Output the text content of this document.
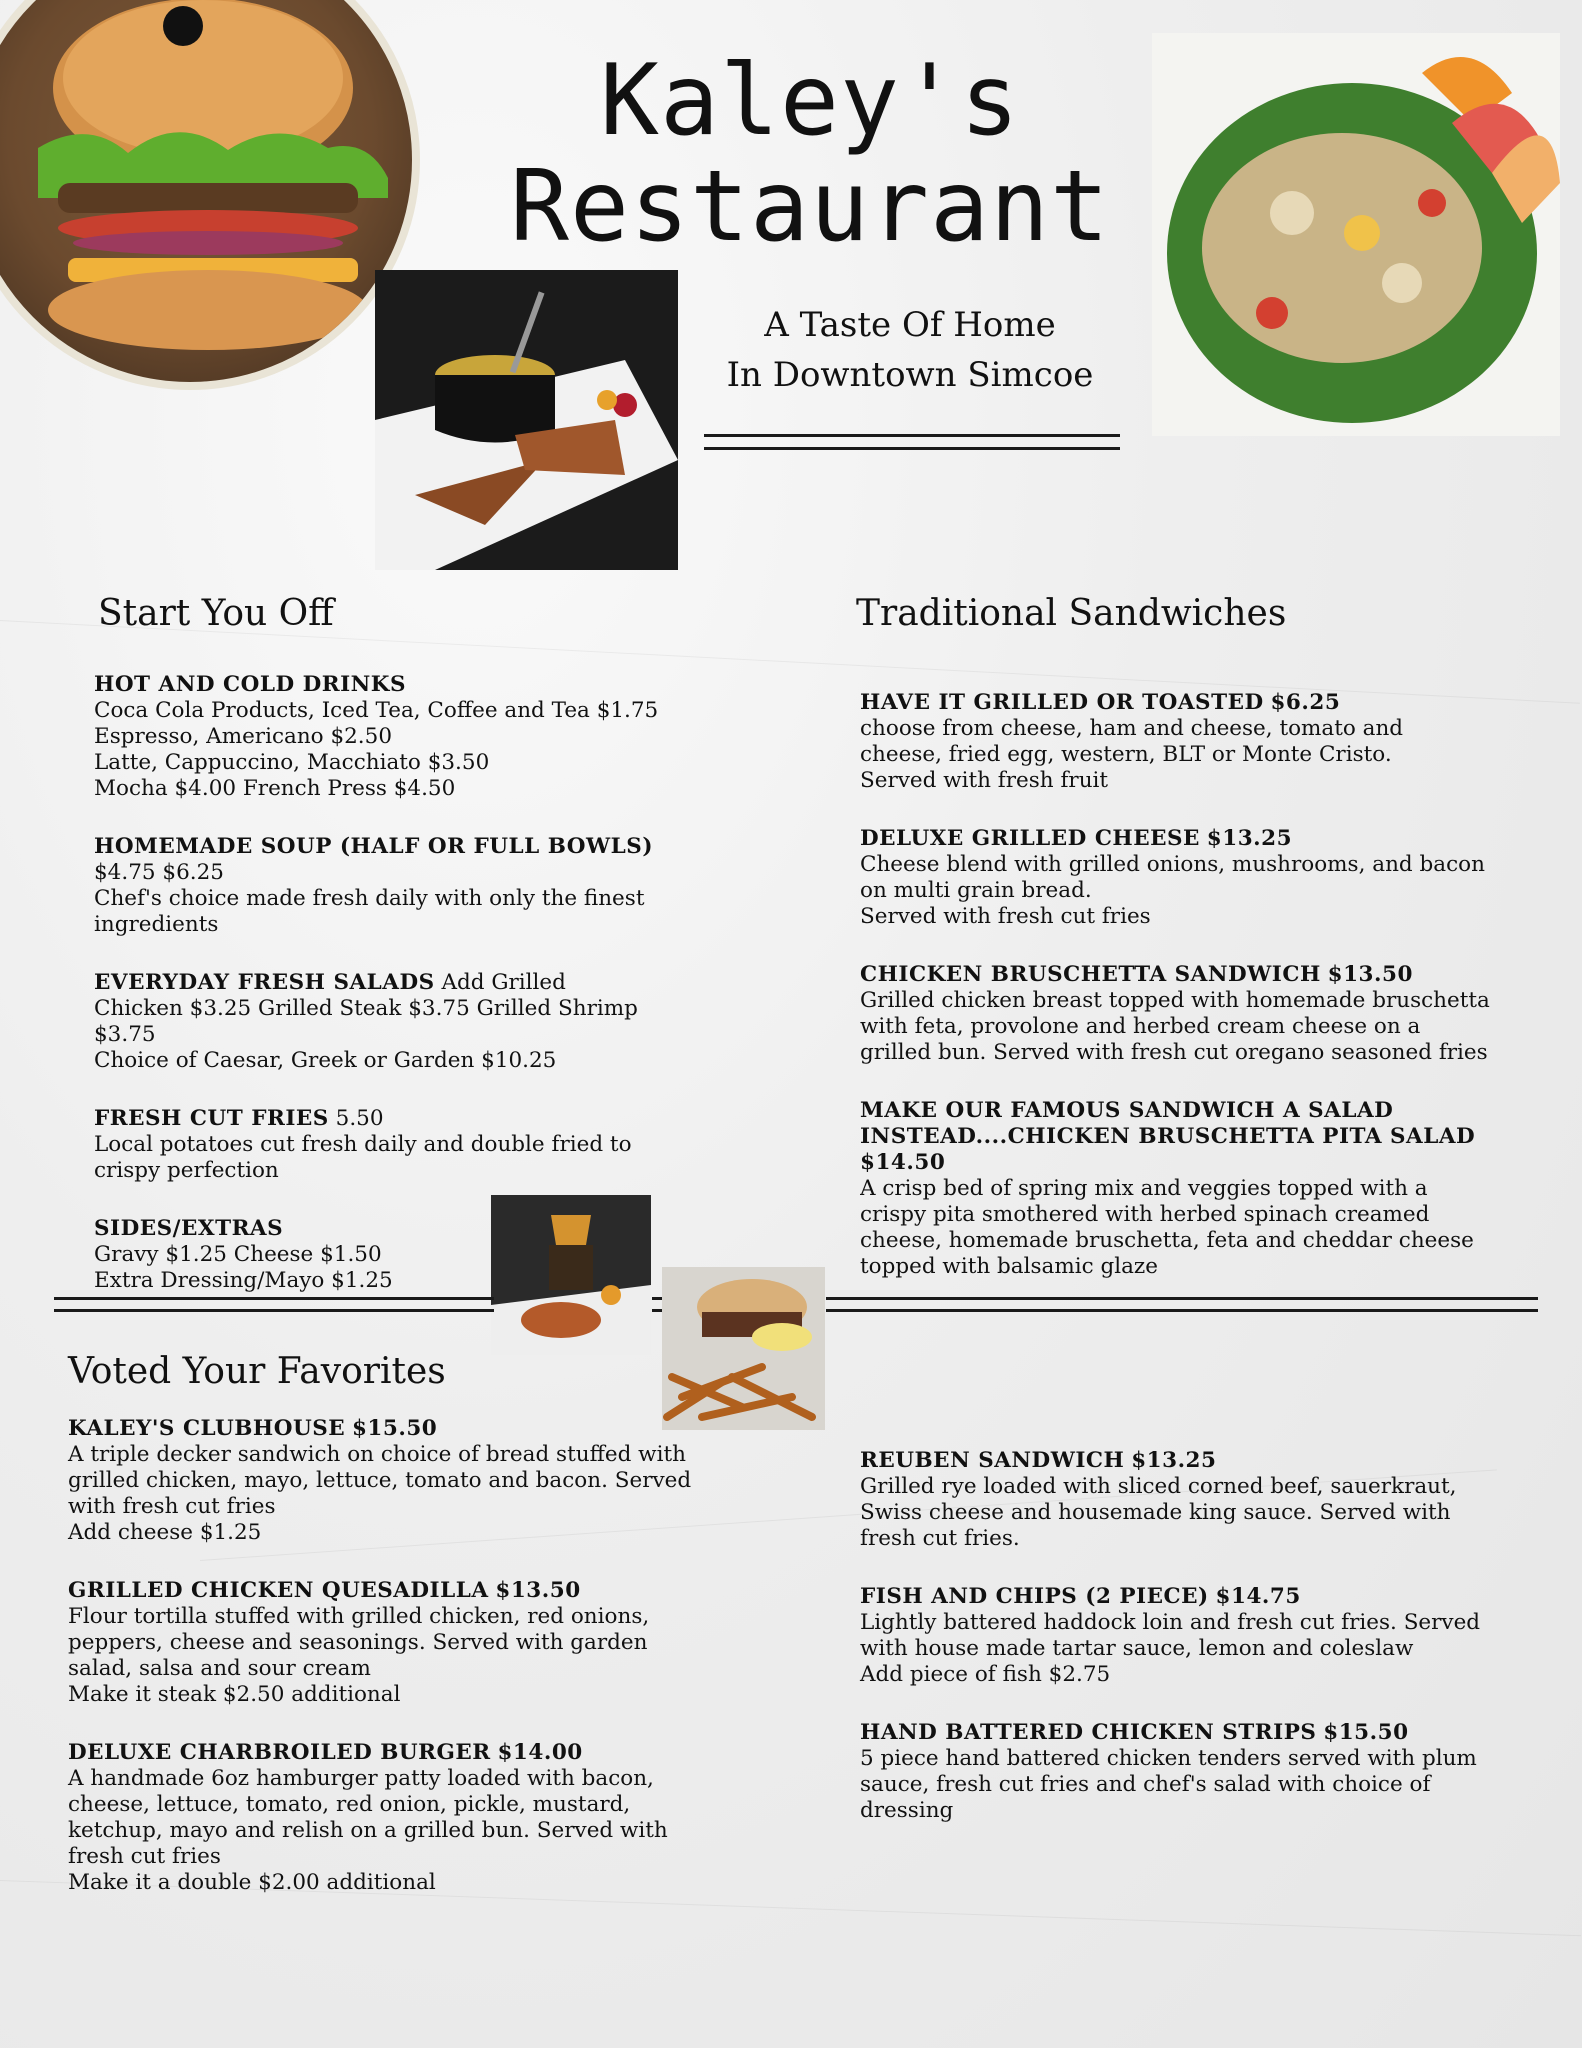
Kaley's
Restaurant
A Taste Of Home
In Downtown Simcoe
Start You Off	Traditional Sandwiches
Voted Your Favorites
HOT AND COLD DRINKS
Coca Cola Products, Iced Tea, Coffee and Tea $1.75
Espresso, Americano $2.50
Latte, Cappuccino, Macchiato $3.50
Mocha $4.00 French Press $4.50
HOMEMADE SOUP (HALF OR FULL BOWLS) $4.75 $6.25
Chef's choice made fresh daily with only the finest ingredients
EVERYDAY FRESH SALADS Add Grilled Chicken $3.25 Grilled Steak $3.75 Grilled Shrimp $3.75
Choice of Caesar, Greek or Garden $10.25
FRESH CUT FRIES 5.50
Local potatoes cut fresh daily and double fried to crispy perfection
SIDES/EXTRAS
Gravy $1.25 Cheese $1.50
Extra Dressing/Mayo $1.25
HAVE IT GRILLED OR TOASTED $6.25
choose from cheese, ham and cheese, tomato and cheese, fried egg, western, BLT or Monte Cristo.
Served with fresh fruit
DELUXE GRILLED CHEESE $13.25
Cheese blend with grilled onions, mushrooms, and bacon on multi grain bread.
Served with fresh cut fries
CHICKEN BRUSCHETTA SANDWICH $13.50
Grilled chicken breast topped with homemade bruschetta with feta, provolone and herbed cream cheese on a grilled bun. Served with fresh cut oregano seasoned fries
MAKE OUR FAMOUS SANDWICH A SALAD INSTEAD....CHICKEN BRUSCHETTA PITA SALAD $14.50
A crisp bed of spring mix and veggies topped with a crispy pita smothered with herbed spinach creamed cheese, homemade bruschetta, feta and cheddar cheese topped with balsamic glaze
KALEY'S CLUBHOUSE $15.50
A triple decker sandwich on choice of bread stuffed with grilled chicken, mayo, lettuce, tomato and bacon. Served with fresh cut fries
Add cheese $1.25
GRILLED CHICKEN QUESADILLA $13.50
Flour tortilla stuffed with grilled chicken, red onions, peppers, cheese and seasonings. Served with garden salad, salsa and sour cream
Make it steak $2.50 additional
DELUXE CHARBROILED BURGER $14.00
A handmade 6oz hamburger patty loaded with bacon, cheese, lettuce, tomato, red onion, pickle, mustard, ketchup, mayo and relish on a grilled bun. Served with fresh cut fries
Make it a double $2.00 additional
REUBEN SANDWICH $13.25
Grilled rye loaded with sliced corned beef, sauerkraut, Swiss cheese and housemade king sauce. Served with fresh cut fries.
FISH AND CHIPS (2 PIECE) $14.75
Lightly battered haddock loin and fresh cut fries. Served with house made tartar sauce, lemon and coleslaw
Add piece of fish $2.75
HAND BATTERED CHICKEN STRIPS $15.50
5 piece hand battered chicken tenders served with plum sauce, fresh cut fries and chef's salad with choice of dressing
